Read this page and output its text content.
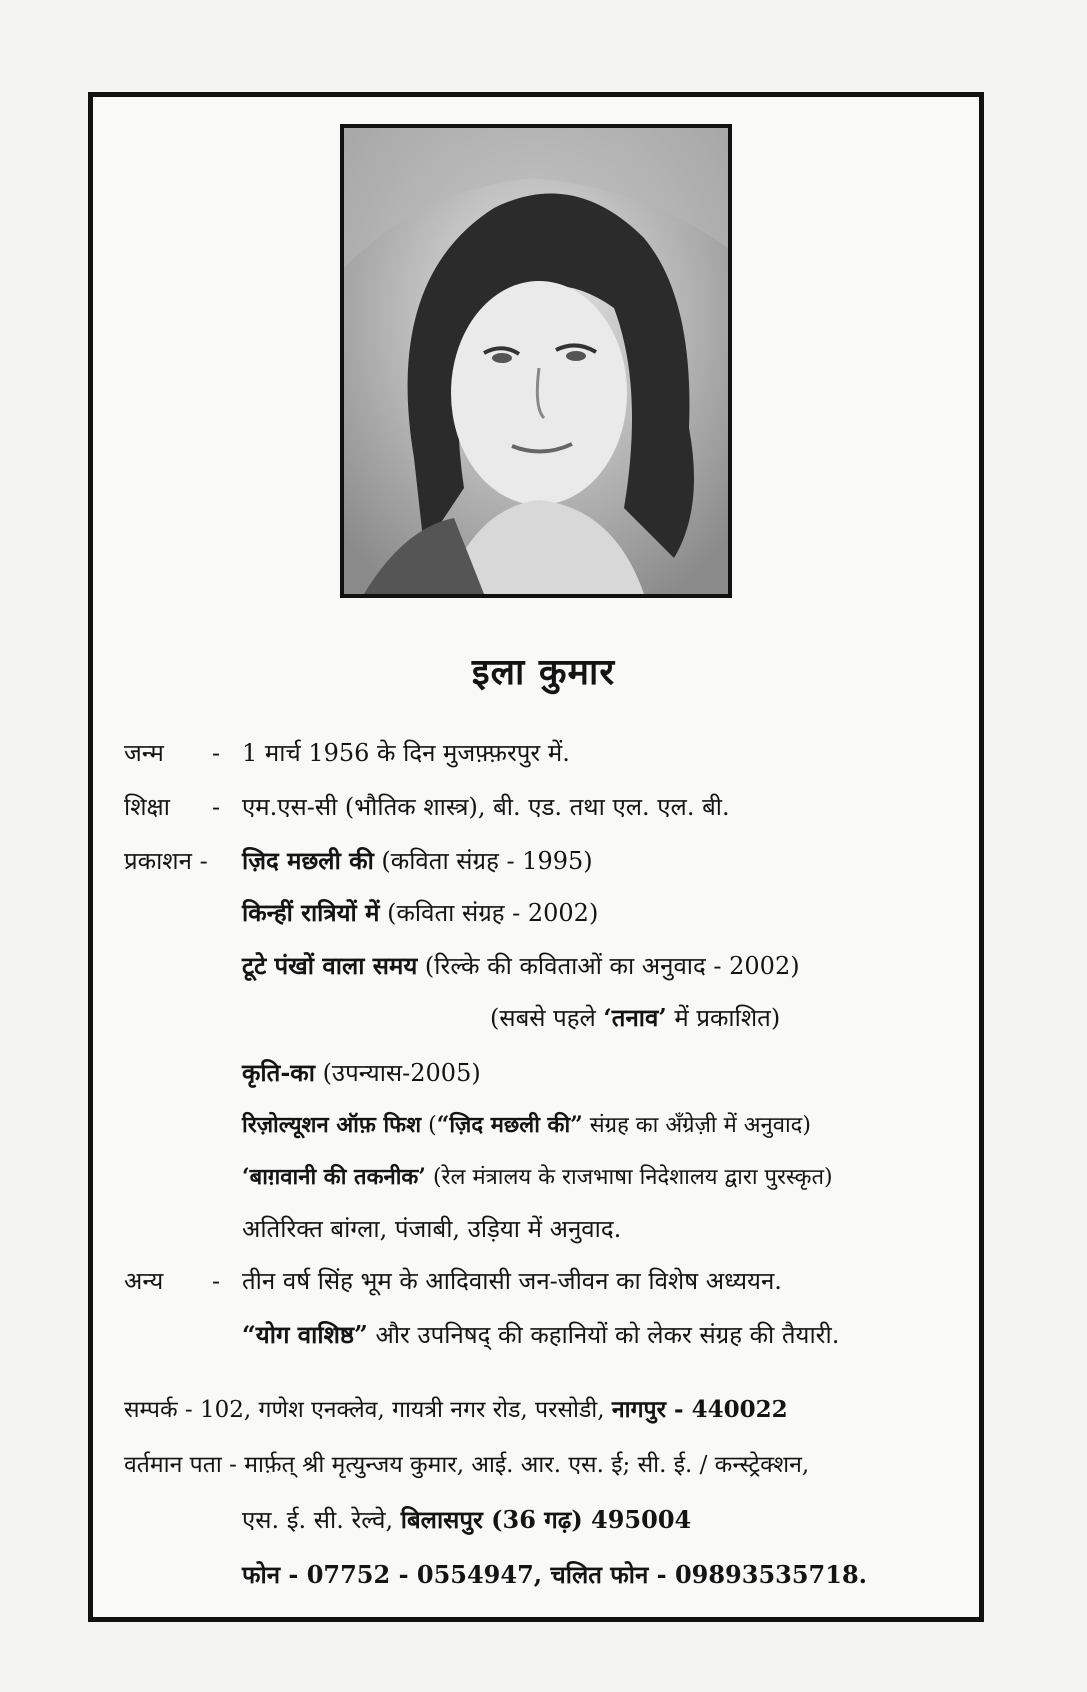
इला कुमार
जन्म - 1 मार्च 1956 के दिन मुजफ़्फ़रपुर में.
शिक्षा - एम.एस-सी (भौतिक शास्त्र), बी. एड. तथा एल. एल. बी.
प्रकाशन - ज़िद मछली की (कविता संग्रह - 1995)
किन्हीं रात्रियों में (कविता संग्रह - 2002)
टूटे पंखों वाला समय (रिल्के की कविताओं का अनुवाद - 2002)
(सबसे पहले ‘तनाव’ में प्रकाशित)
कृति-का (उपन्यास-2005)
रिज़ोल्यूशन ऑफ़ फिश (“ज़िद मछली की” संग्रह का अँग्रेज़ी में अनुवाद)
‘बाग़वानी की तकनीक’ (रेल मंत्रालय के राजभाषा निदेशालय द्वारा पुरस्कृत)
अतिरिक्त बांग्ला, पंजाबी, उड़िया में अनुवाद.
अन्य - तीन वर्ष सिंह भूम के आदिवासी जन-जीवन का विशेष अध्ययन.
“योग वाशिष्ठ” और उपनिषद् की कहानियों को लेकर संग्रह की तैयारी.
सम्पर्क - 102, गणेश एनक्लेव, गायत्री नगर रोड, परसोडी, नागपुर - 440022
वर्तमान पता - मार्फ़त् श्री मृत्युन्जय कुमार, आई. आर. एस. ई; सी. ई. / कन्स्ट्रेक्शन,
एस. ई. सी. रेल्वे, बिलासपुर (36 गढ़) 495004
फोन - 07752 - 0554947, चलित फोन - 09893535718.
